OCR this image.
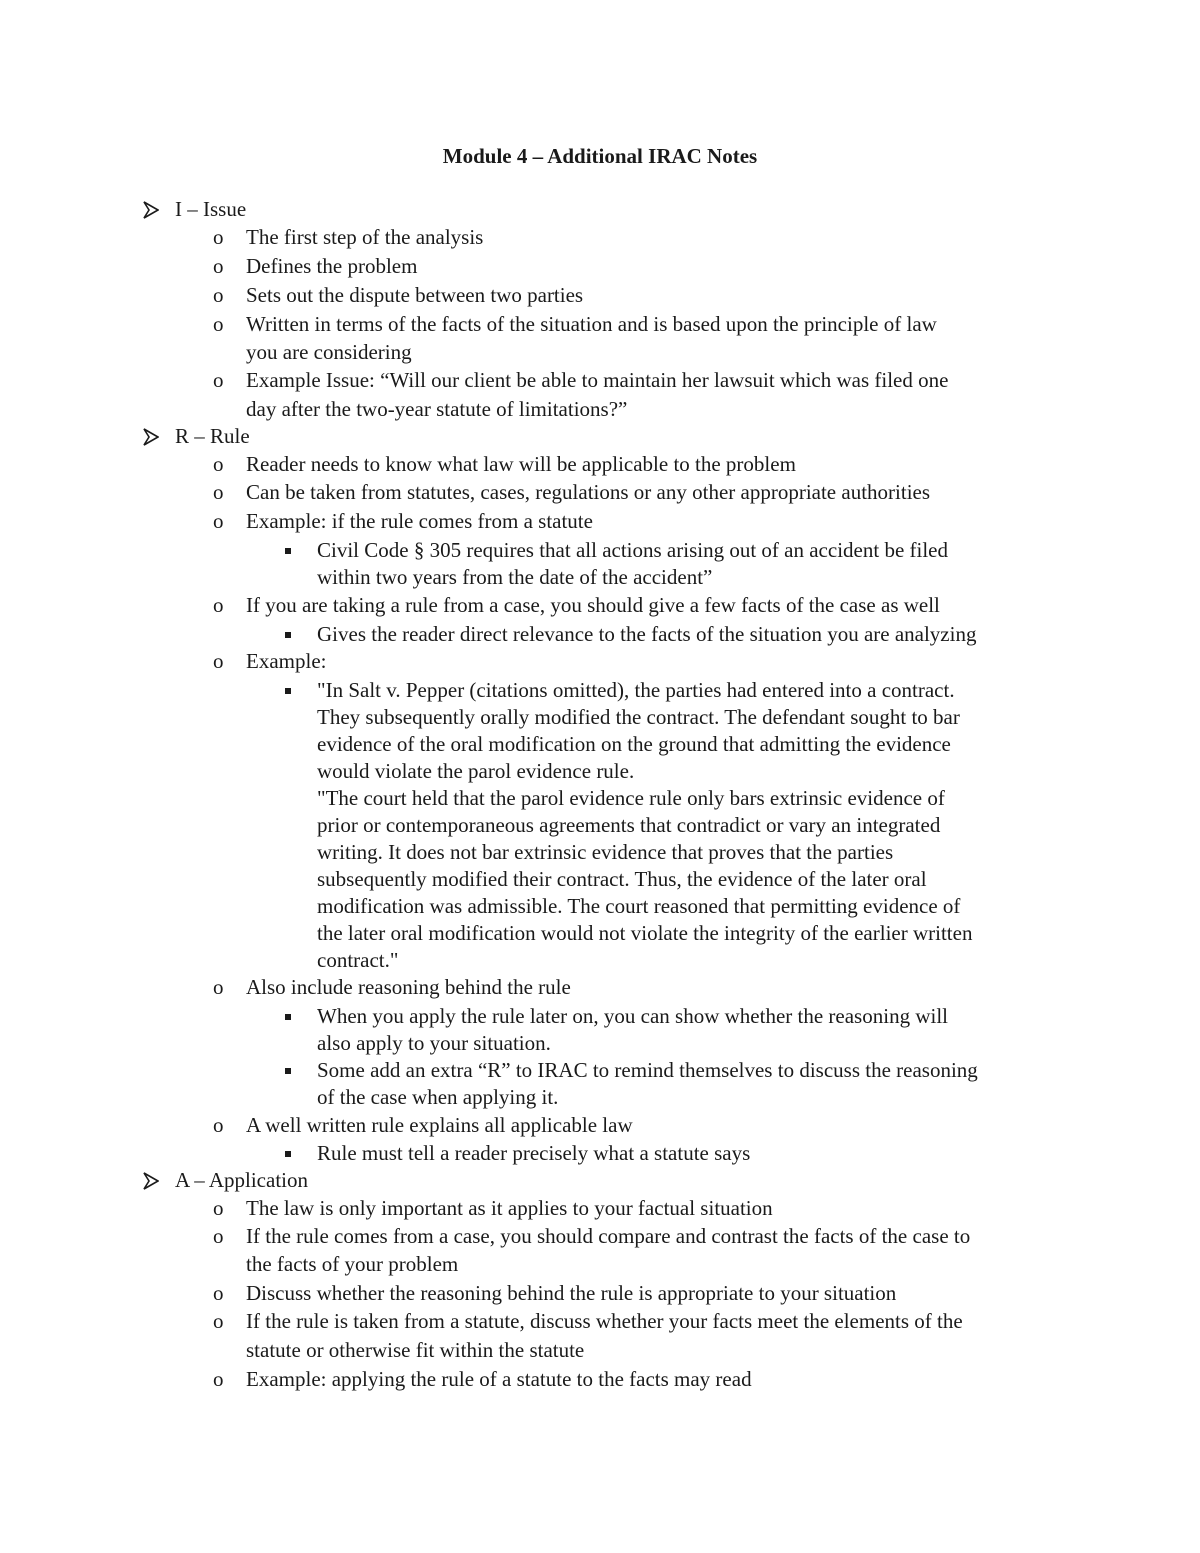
Module 4 – Additional IRAC Notes
I – Issue
o The first step of the analysis
o Defines the problem
o Sets out the dispute between two parties
o Written in terms of the facts of the situation and is based upon the principle of law
you are considering
o Example Issue: “Will our client be able to maintain her lawsuit which was filed one
day after the two-year statute of limitations?”
R – Rule
o Reader needs to know what law will be applicable to the problem
o Can be taken from statutes, cases, regulations or any other appropriate authorities
o Example: if the rule comes from a statute
Civil Code § 305 requires that all actions arising out of an accident be filed
within two years from the date of the accident”
o If you are taking a rule from a case, you should give a few facts of the case as well
Gives the reader direct relevance to the facts of the situation you are analyzing
o Example:
"In Salt v. Pepper (citations omitted), the parties had entered into a contract.
They subsequently orally modified the contract. The defendant sought to bar
evidence of the oral modification on the ground that admitting the evidence
would violate the parol evidence rule.
"The court held that the parol evidence rule only bars extrinsic evidence of
prior or contemporaneous agreements that contradict or vary an integrated
writing. It does not bar extrinsic evidence that proves that the parties
subsequently modified their contract. Thus, the evidence of the later oral
modification was admissible. The court reasoned that permitting evidence of
the later oral modification would not violate the integrity of the earlier written
contract."
o Also include reasoning behind the rule
When you apply the rule later on, you can show whether the reasoning will
also apply to your situation.
Some add an extra “R” to IRAC to remind themselves to discuss the reasoning
of the case when applying it.
o A well written rule explains all applicable law
Rule must tell a reader precisely what a statute says
A – Application
o The law is only important as it applies to your factual situation
o If the rule comes from a case, you should compare and contrast the facts of the case to
the facts of your problem
o Discuss whether the reasoning behind the rule is appropriate to your situation
o If the rule is taken from a statute, discuss whether your facts meet the elements of the
statute or otherwise fit within the statute
o Example: applying the rule of a statute to the facts may read
